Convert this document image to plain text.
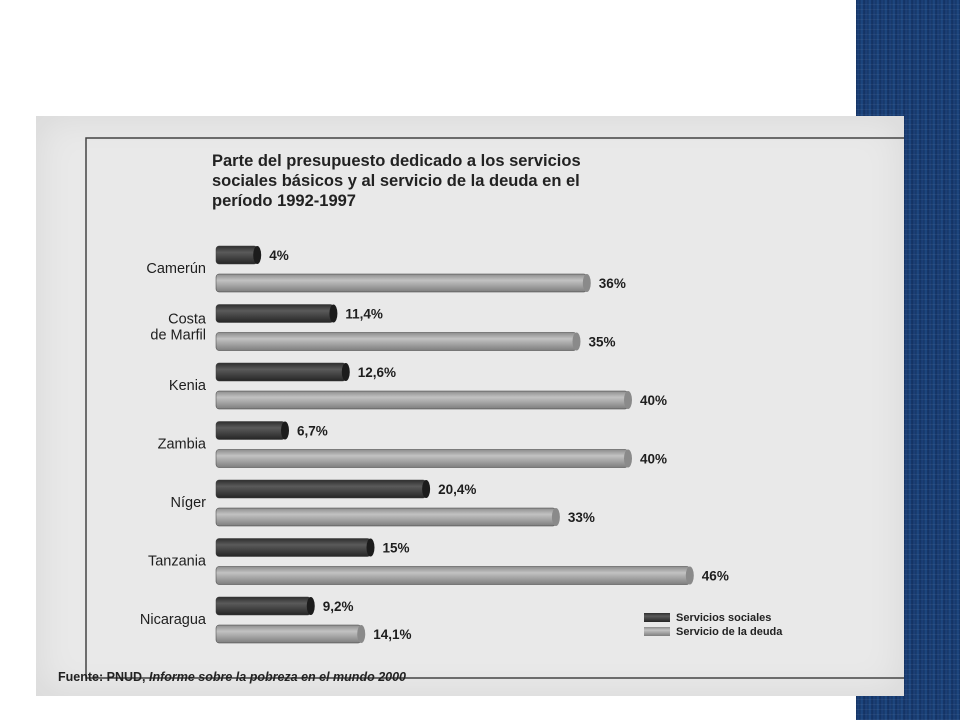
Parte del presupuesto dedicado a los servicios sociales básicos y al servicio de la deuda en el período 1992-1997
Camerún
4%
36%
Costa de Marfil
11,4%
35%
Kenia
12,6%
40%
Zambia
6,7%
40%
Níger
20,4%
33%
Tanzania
15%
46%
Nicaragua
9,2%
14,1%
Servicios sociales
Servicio de la deuda
Fuente: PNUD, Informe sobre la pobreza en el mundo 2000
